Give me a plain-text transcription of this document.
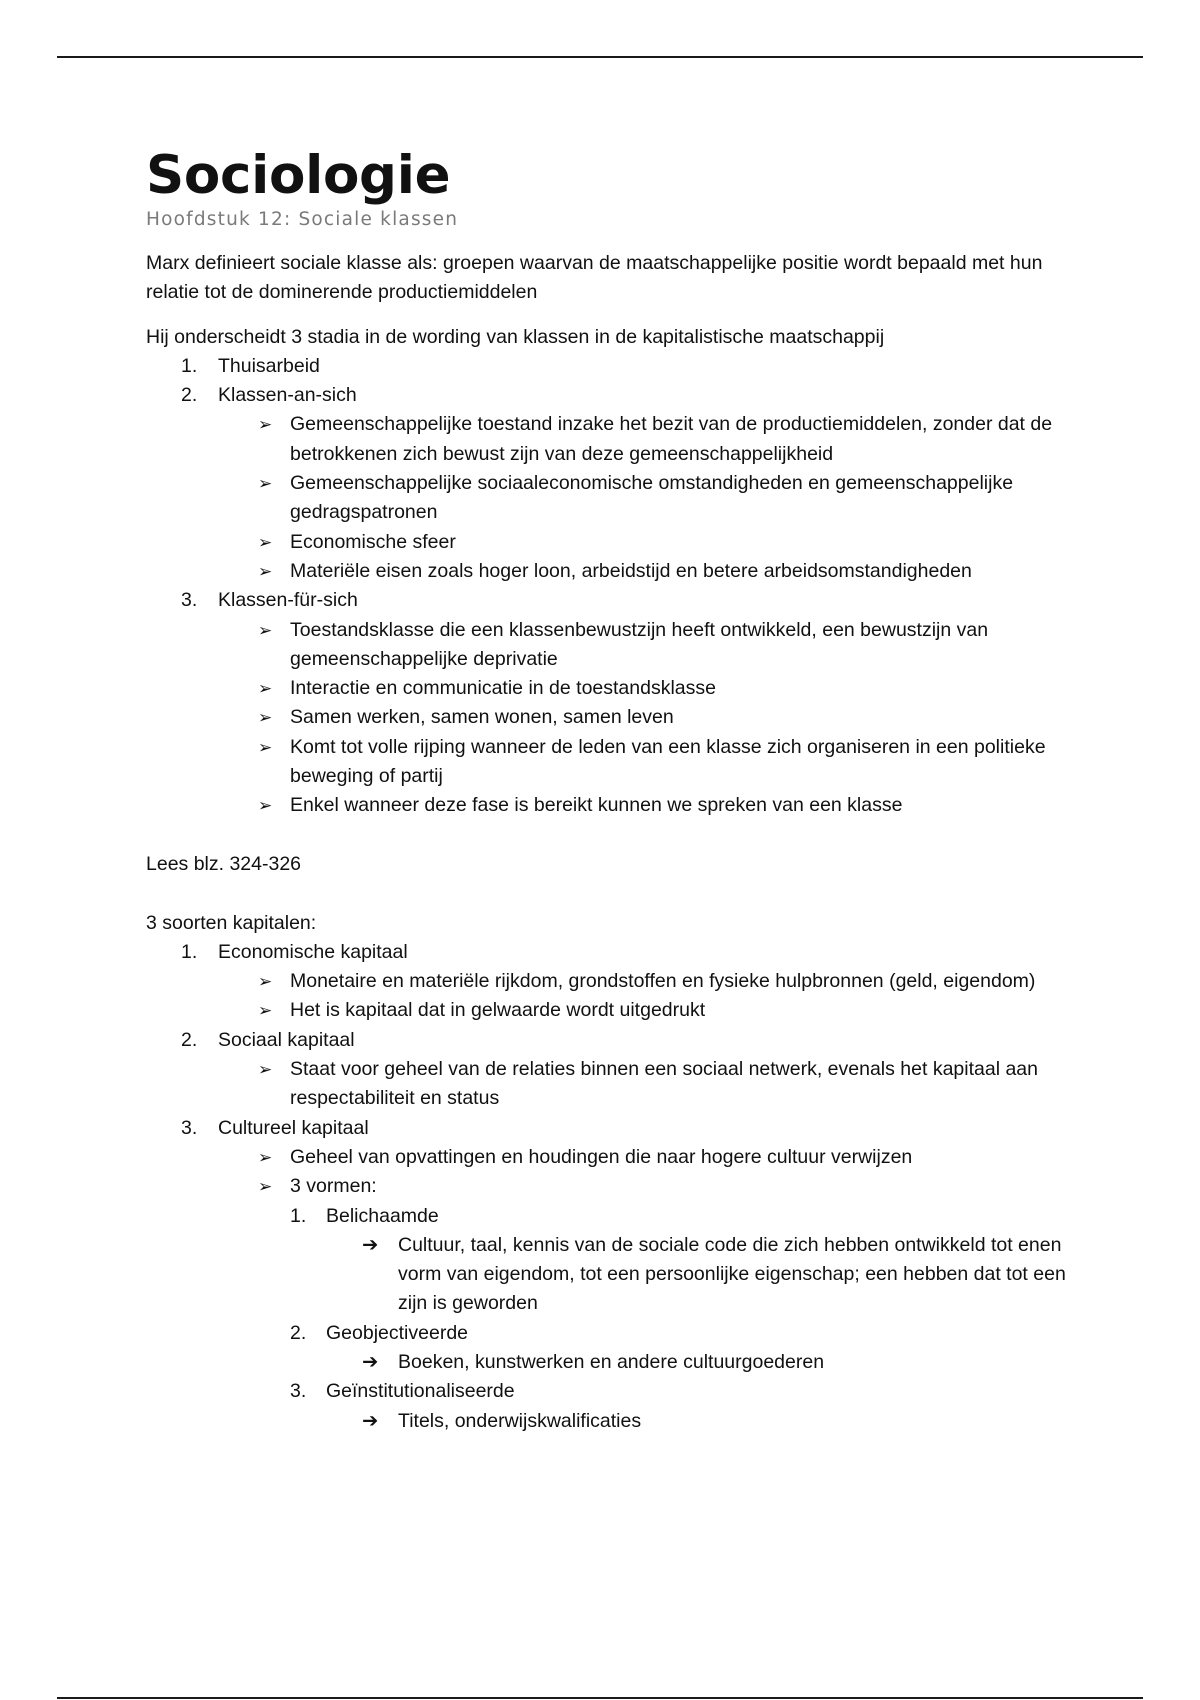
Sociologie
Hoofdstuk 12: Sociale klassen

Marx definieert sociale klasse als: groepen waarvan de maatschappelijke positie wordt bepaald met hun relatie tot de dominerende productiemiddelen

Hij onderscheidt 3 stadia in de wording van klassen in de kapitalistische maatschappij

1. Thuisarbeid
2. Klassen-an-sich
➢ Gemeenschappelijke toestand inzake het bezit van de productiemiddelen, zonder dat de betrokkenen zich bewust zijn van deze gemeenschappelijkheid
➢ Gemeenschappelijke sociaaleconomische omstandigheden en gemeenschappelijke gedragspatronen
➢ Economische sfeer
➢ Materiële eisen zoals hoger loon, arbeidstijd en betere arbeidsomstandigheden
3. Klassen-für-sich
➢ Toestandsklasse die een klassenbewustzijn heeft ontwikkeld, een bewustzijn van gemeenschappelijke deprivatie
➢ Interactie en communicatie in de toestandsklasse
➢ Samen werken, samen wonen, samen leven
➢ Komt tot volle rijping wanneer de leden van een klasse zich organiseren in een politieke beweging of partij
➢ Enkel wanneer deze fase is bereikt kunnen we spreken van een klasse

Lees blz. 324-326

3 soorten kapitalen:

1. Economische kapitaal
➢ Monetaire en materiële rijkdom, grondstoffen en fysieke hulpbronnen (geld, eigendom)
➢ Het is kapitaal dat in gelwaarde wordt uitgedrukt
2. Sociaal kapitaal
➢ Staat voor geheel van de relaties binnen een sociaal netwerk, evenals het kapitaal aan respectabiliteit en status
3. Cultureel kapitaal
➢ Geheel van opvattingen en houdingen die naar hogere cultuur verwijzen
➢ 3 vormen:
1. Belichaamde
➔ Cultuur, taal, kennis van de sociale code die zich hebben ontwikkeld tot enen vorm van eigendom, tot een persoonlijke eigenschap; een hebben dat tot een zijn is geworden
2. Geobjectiveerde
➔ Boeken, kunstwerken en andere cultuurgoederen
3. Geïnstitutionaliseerde
➔ Titels, onderwijskwalificaties
